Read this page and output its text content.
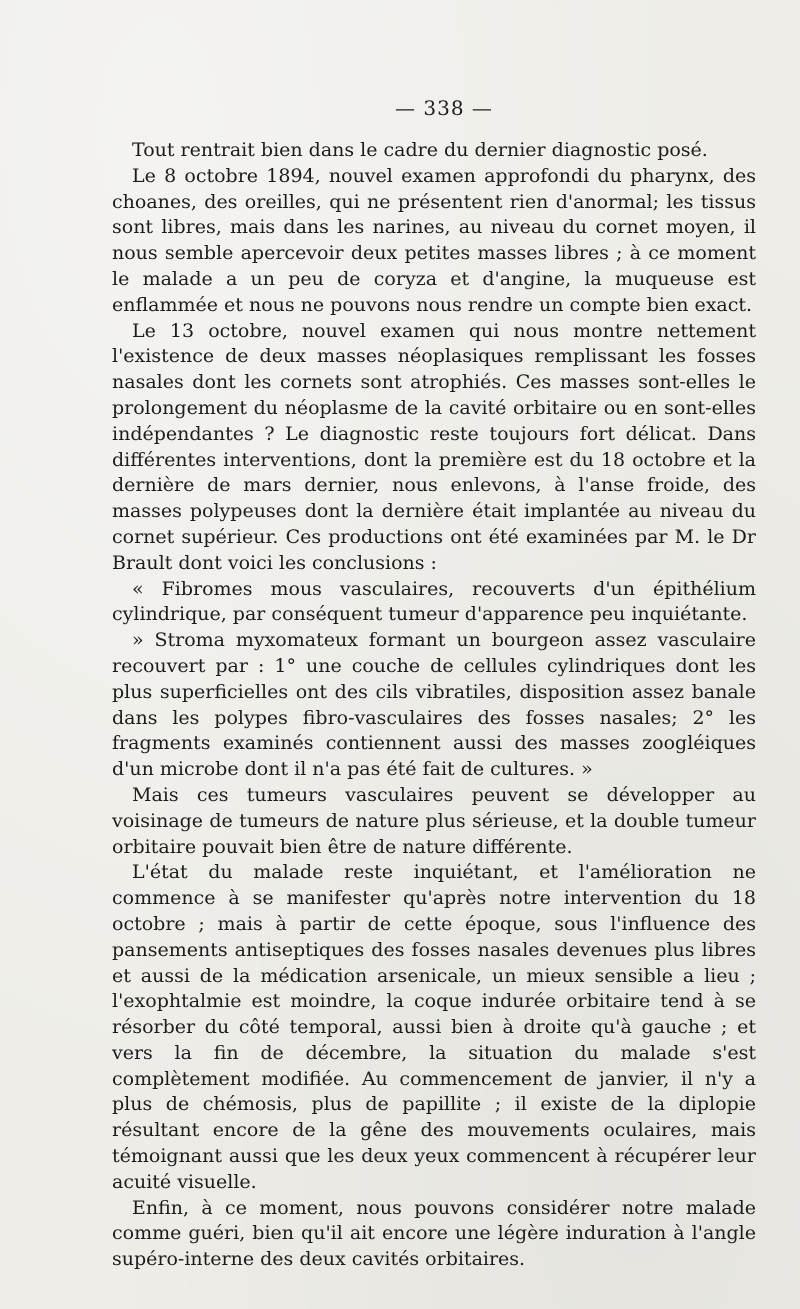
— 338 —

Tout rentrait bien dans le cadre du dernier diagnostic posé.

Le 8 octobre 1894, nouvel examen approfondi du pharynx, des choanes, des oreilles, qui ne présentent rien d'anormal; les tissus sont libres, mais dans les narines, au niveau du cornet moyen, il nous semble apercevoir deux petites masses libres ; à ce moment le malade a un peu de coryza et d'angine, la muqueuse est enflammée et nous ne pouvons nous rendre un compte bien exact.

Le 13 octobre, nouvel examen qui nous montre nettement l'existence de deux masses néoplasiques remplissant les fosses nasales dont les cornets sont atrophiés. Ces masses sont-elles le prolongement du néoplasme de la cavité orbitaire ou en sont-elles indépendantes ? Le diagnostic reste toujours fort délicat. Dans différentes interventions, dont la première est du 18 octobre et la dernière de mars dernier, nous enlevons, à l'anse froide, des masses polypeuses dont la dernière était implantée au niveau du cornet supérieur. Ces productions ont été examinées par M. le Dr Brault dont voici les conclusions :

« Fibromes mous vasculaires, recouverts d'un épithélium cylindrique, par conséquent tumeur d'apparence peu inquiétante.

» Stroma myxomateux formant un bourgeon assez vasculaire recouvert par : 1° une couche de cellules cylindriques dont les plus superficielles ont des cils vibratiles, disposition assez banale dans les polypes fibro-vasculaires des fosses nasales; 2° les fragments examinés contiennent aussi des masses zoogléiques d'un microbe dont il n'a pas été fait de cultures. »

Mais ces tumeurs vasculaires peuvent se développer au voisinage de tumeurs de nature plus sérieuse, et la double tumeur orbitaire pouvait bien être de nature différente.

L'état du malade reste inquiétant, et l'amélioration ne commence à se manifester qu'après notre intervention du 18 octobre ; mais à partir de cette époque, sous l'influence des pansements antiseptiques des fosses nasales devenues plus libres et aussi de la médication arsenicale, un mieux sensible a lieu ; l'exophtalmie est moindre, la coque indurée orbitaire tend à se résorber du côté temporal, aussi bien à droite qu'à gauche ; et vers la fin de décembre, la situation du malade s'est complètement modifiée. Au commencement de janvier, il n'y a plus de chémosis, plus de papillite ; il existe de la diplopie résultant encore de la gêne des mouvements oculaires, mais témoignant aussi que les deux yeux commencent à récupérer leur acuité visuelle.

Enfin, à ce moment, nous pouvons considérer notre malade comme guéri, bien qu'il ait encore une légère induration à l'angle supéro-interne des deux cavités orbitaires.
